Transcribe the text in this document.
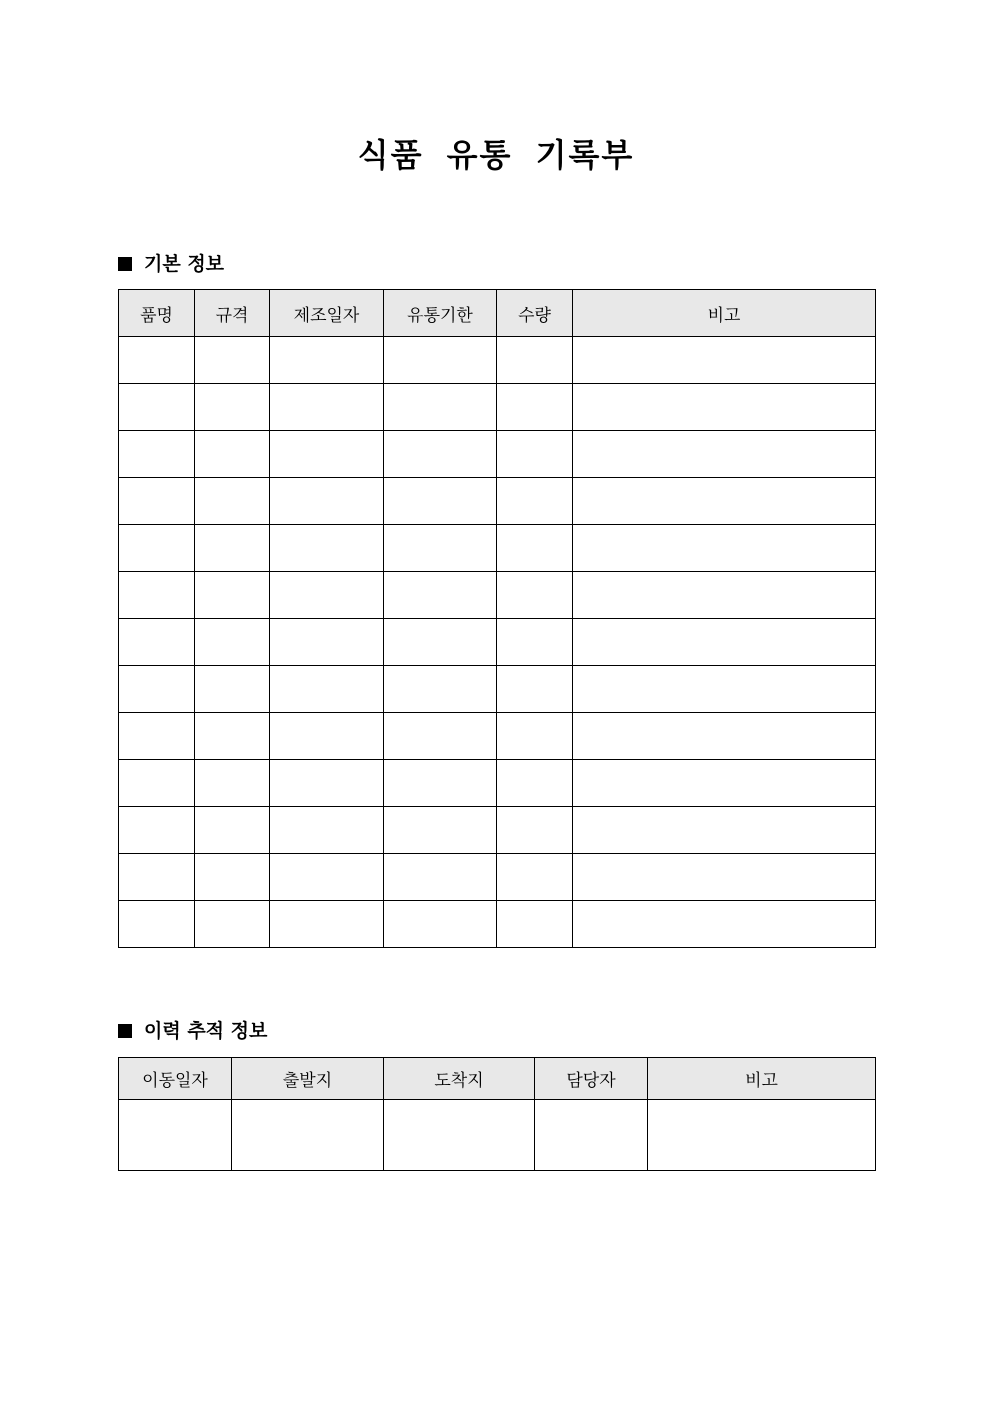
식품 유통 기록부
기본 정보
품명	규격	제조일자	유통기한	수량	비고

이력 추적 정보
이동일자	출발지	도착지	담당자	비고
